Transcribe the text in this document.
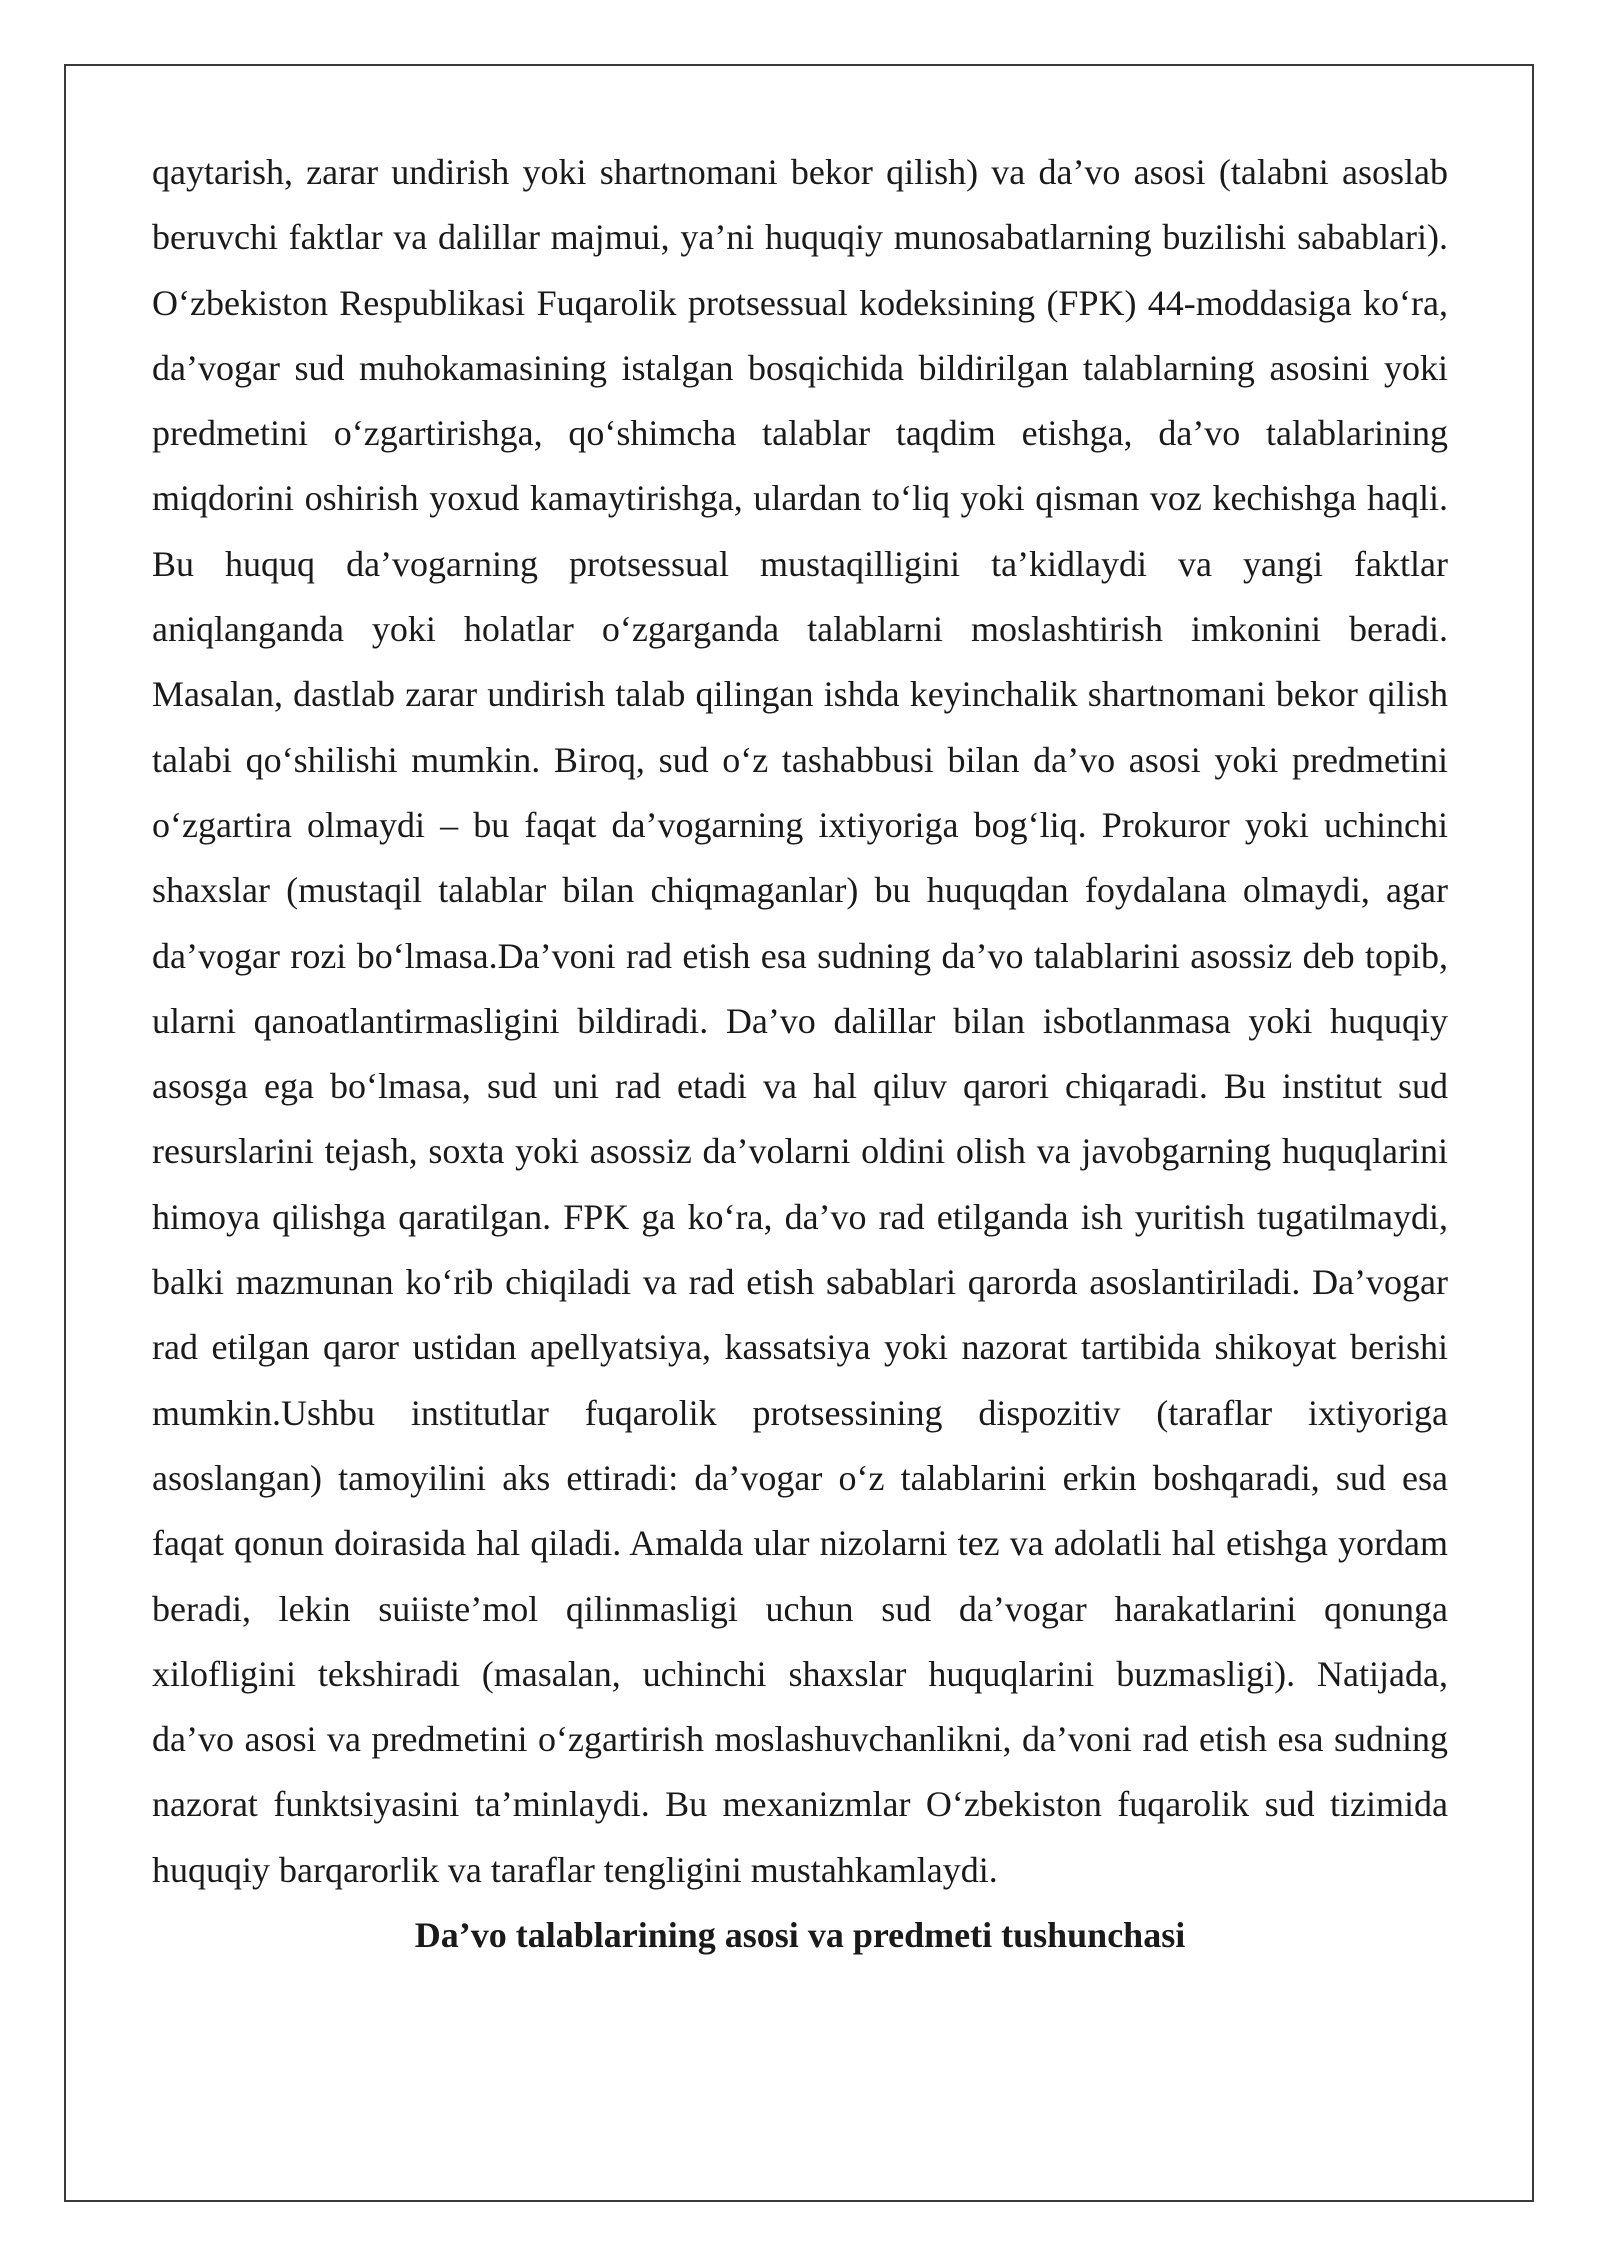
qaytarish, zarar undirish yoki shartnomani bekor qilish) va da’vo asosi (talabni asoslab beruvchi faktlar va dalillar majmui, ya’ni huquqiy munosabatlarning buzilishi sabablari). O‘zbekiston Respublikasi Fuqarolik protsessual kodeksining (FPK) 44-moddasiga ko‘ra, da’vogar sud muhokamasining istalgan bosqichida bildirilgan talablarning asosini yoki predmetini o‘zgartirishga, qo‘shimcha talablar taqdim etishga, da’vo talablarining miqdorini oshirish yoxud kamaytirishga, ulardan to‘liq yoki qisman voz kechishga haqli. Bu huquq da’vogarning protsessual mustaqilligini ta’kidlaydi va yangi faktlar aniqlanganda yoki holatlar o‘zgarganda talablarni moslashtirish imkonini beradi. Masalan, dastlab zarar undirish talab qilingan ishda keyinchalik shartnomani bekor qilish talabi qo‘shilishi mumkin. Biroq, sud o‘z tashabbusi bilan da’vo asosi yoki predmetini o‘zgartira olmaydi – bu faqat da’vogarning ixtiyoriga bog‘liq. Prokuror yoki uchinchi shaxslar (mustaqil talablar bilan chiqmaganlar) bu huquqdan foydalana olmaydi, agar da’vogar rozi bo‘lmasa.Da’voni rad etish esa sudning da’vo talablarini asossiz deb topib, ularni qanoatlantirmasligini bildiradi. Da’vo dalillar bilan isbotlanmasa yoki huquqiy asosga ega bo‘lmasa, sud uni rad etadi va hal qiluv qarori chiqaradi. Bu institut sud resurslarini tejash, soxta yoki asossiz da’volarni oldini olish va javobgarning huquqlarini himoya qilishga qaratilgan. FPK ga ko‘ra, da’vo rad etilganda ish yuritish tugatilmaydi, balki mazmunan ko‘rib chiqiladi va rad etish sabablari qarorda asoslantiriladi. Da’vogar rad etilgan qaror ustidan apellyatsiya, kassatsiya yoki nazorat tartibida shikoyat berishi mumkin.Ushbu institutlar fuqarolik protsessining dispozitiv (taraflar ixtiyoriga asoslangan) tamoyilini aks ettiradi: da’vogar o‘z talablarini erkin boshqaradi, sud esa faqat qonun doirasida hal qiladi. Amalda ular nizolarni tez va adolatli hal etishga yordam beradi, lekin suiiste’mol qilinmasligi uchun sud da’vogar harakatlarini qonunga xilofligini tekshiradi (masalan, uchinchi shaxslar huquqlarini buzmasligi). Natijada, da’vo asosi va predmetini o‘zgartirish moslashuvchanlikni, da’voni rad etish esa sudning nazorat funktsiyasini ta’minlaydi. Bu mexanizmlar O‘zbekiston fuqarolik sud tizimida huquqiy barqarorlik va taraflar tengligini mustahkamlaydi.

Da’vo talablarining asosi va predmeti tushunchasi
